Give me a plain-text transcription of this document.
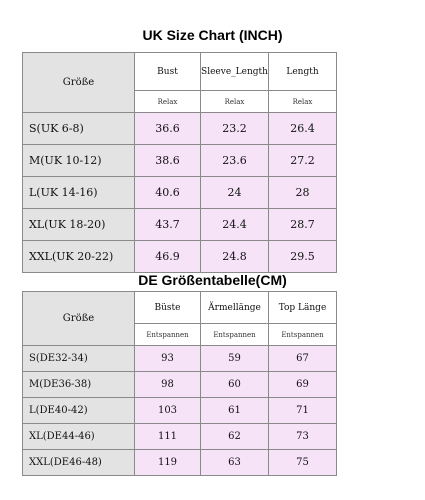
UK Size Chart (INCH)
Größe	Bust	Sleeve_Length	Length
	Relax	Relax	Relax
S(UK 6-8)	36.6	23.2	26.4
M(UK 10-12)	38.6	23.6	27.2
L(UK 14-16)	40.6	24	28
XL(UK 18-20)	43.7	24.4	28.7
XXL(UK 20-22)	46.9	24.8	29.5
DE Größentabelle(CM)
Größe	Büste	Ärmellänge	Top Länge
	Entspannen	Entspannen	Entspannen
S(DE32-34)	93	59	67
M(DE36-38)	98	60	69
L(DE40-42)	103	61	71
XL(DE44-46)	111	62	73
XXL(DE46-48)	119	63	75
